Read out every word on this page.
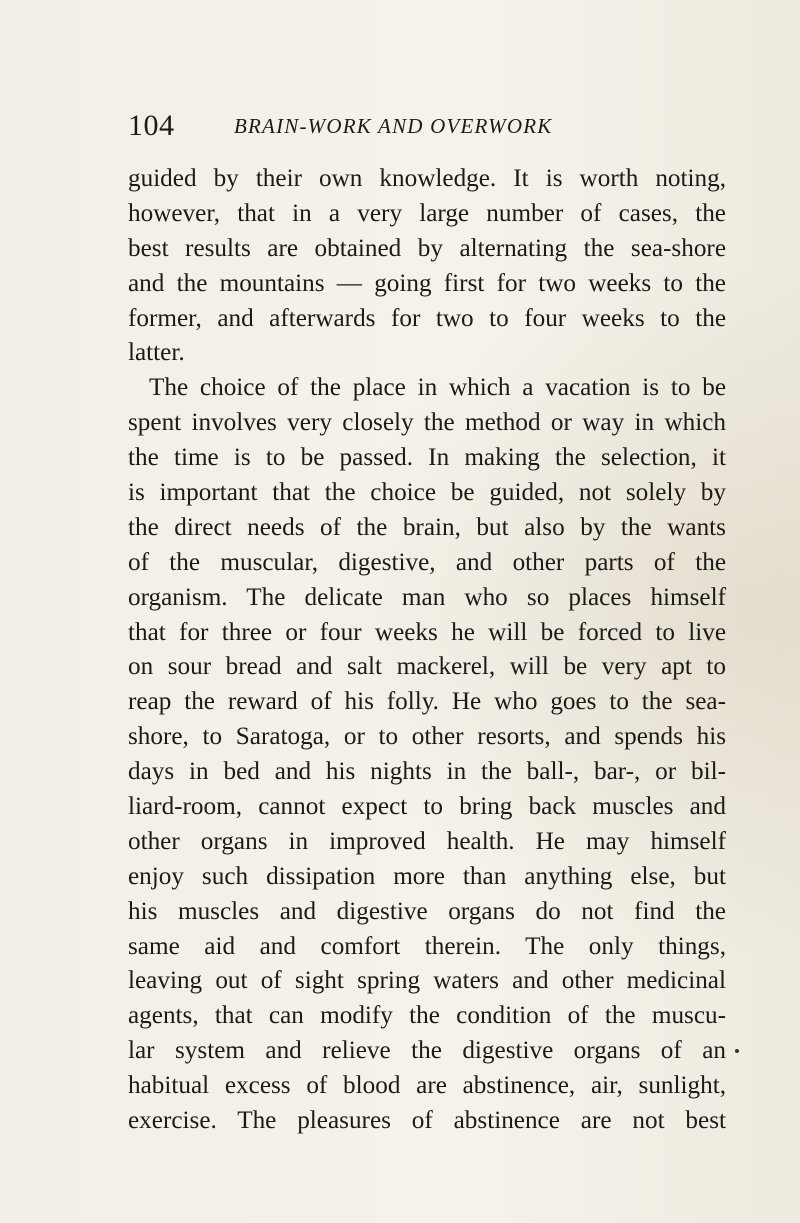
104	BRAIN-WORK AND OVERWORK
guided by their own knowledge. It is worth noting,
however, that in a very large number of cases, the
best results are obtained by alternating the sea-shore
and the mountains — going first for two weeks to the
former, and afterwards for two to four weeks to the
latter.
The choice of the place in which a vacation is to be
spent involves very closely the method or way in which
the time is to be passed. In making the selection, it
is important that the choice be guided, not solely by
the direct needs of the brain, but also by the wants
of the muscular, digestive, and other parts of the
organism. The delicate man who so places himself
that for three or four weeks he will be forced to live
on sour bread and salt mackerel, will be very apt to
reap the reward of his folly. He who goes to the sea-
shore, to Saratoga, or to other resorts, and spends his
days in bed and his nights in the ball-, bar-, or bil-
liard-room, cannot expect to bring back muscles and
other organs in improved health. He may himself
enjoy such dissipation more than anything else, but
his muscles and digestive organs do not find the
same aid and comfort therein. The only things,
leaving out of sight spring waters and other medicinal
agents, that can modify the condition of the muscu-
lar system and relieve the digestive organs of an
habitual excess of blood are abstinence, air, sunlight,
exercise. The pleasures of abstinence are not best
